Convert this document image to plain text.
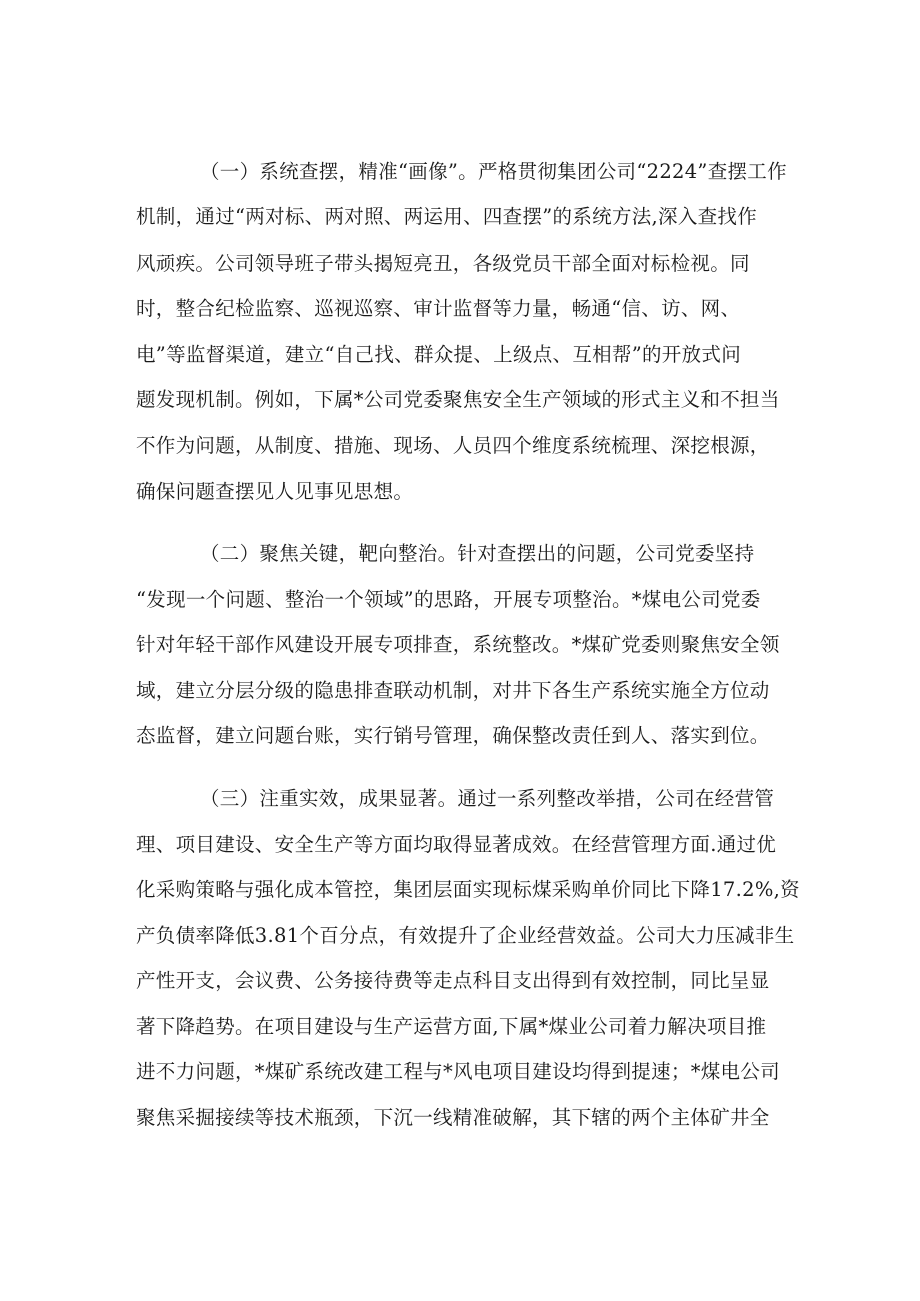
（一）系统查摆，精准“画像”。严格贯彻集团公司“2224”查摆工作
机制，通过“两对标、两对照、两运用、四查摆”的系统方法,深入查找作
风顽疾。公司领导班子带头揭短亮丑，各级党员干部全面对标检视。同
时，整合纪检监察、巡视巡察、审计监督等力量，畅通“信、访、网、
电”等监督渠道，建立“自己找、群众提、上级点、互相帮”的开放式问
题发现机制。例如，下属*公司党委聚焦安全生产领域的形式主义和不担当
不作为问题，从制度、措施、现场、人员四个维度系统梳理、深挖根源，
确保问题查摆见人见事见思想。
（二）聚焦关键，靶向整治。针对查摆出的问题，公司党委坚持
“发现一个问题、整治一个领域”的思路，开展专项整治。*煤电公司党委
针对年轻干部作风建设开展专项排查，系统整改。*煤矿党委则聚焦安全领
域，建立分层分级的隐患排查联动机制，对井下各生产系统实施全方位动
态监督，建立问题台账，实行销号管理，确保整改责任到人、落实到位。
（三）注重实效，成果显著。通过一系列整改举措，公司在经营管
理、项目建设、安全生产等方面均取得显著成效。在经营管理方面.通过优
化采购策略与强化成本管控，集团层面实现标煤采购单价同比下降17.2%,资
产负债率降低3.81个百分点，有效提升了企业经营效益。公司大力压减非生
产性开支，会议费、公务接待费等走点科目支出得到有效控制，同比呈显
著下降趋势。在项目建设与生产运营方面,下属*煤业公司着力解决项目推
进不力问题，*煤矿系统改建工程与*风电项目建设均得到提速；*煤电公司
聚焦采掘接续等技术瓶颈，下沉一线精准破解，其下辖的两个主体矿井全
